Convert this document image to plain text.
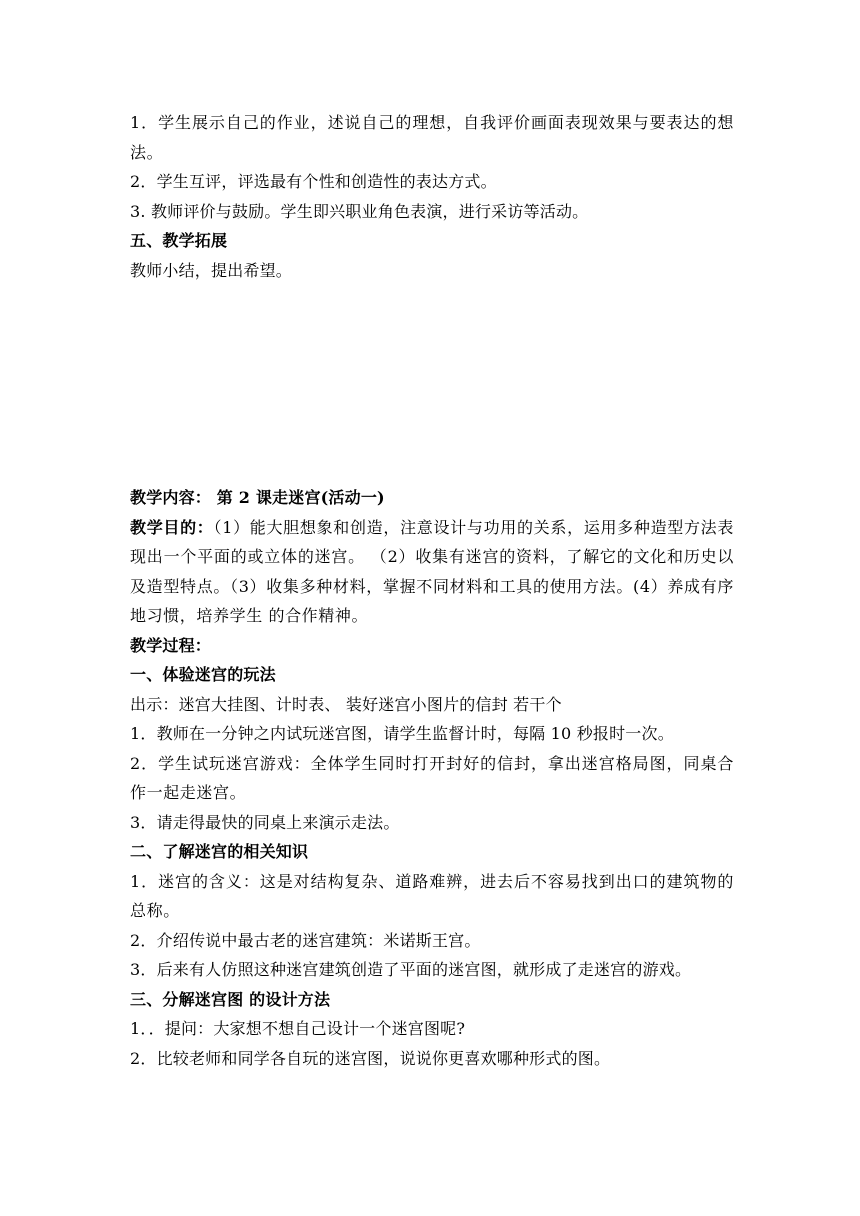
1．学生展示自己的作业，述说自己的理想，自我评价画面表现效果与要表达的想法。

2．学生互评，评选最有个性和创造性的表达方式。

3. 教师评价与鼓励。学生即兴职业角色表演，进行采访等活动。

五、教学拓展

教师小结，提出希望。

教学内容： 第 2 课走迷宫(活动一)

教学目的：（1）能大胆想象和创造，注意设计与功用的关系，运用多种造型方法表现出一个平面的或立体的迷宫。 （2）收集有迷宫的资料，了解它的文化和历史以及造型特点。（3）收集多种材料，掌握不同材料和工具的使用方法。(4）养成有序地习惯，培养学生 的合作精神。

教学过程：

一、体验迷宫的玩法

出示：迷宫大挂图、计时表、 装好迷宫小图片的信封 若干个

1．教师在一分钟之内试玩迷宫图，请学生监督计时，每隔 10 秒报时一次。

2．学生试玩迷宫游戏：全体学生同时打开封好的信封，拿出迷宫格局图，同桌合作一起走迷宫。

3．请走得最快的同桌上来演示走法。

二、了解迷宫的相关知识

1．迷宫的含义：这是对结构复杂、道路难辨，进去后不容易找到出口的建筑物的总称。

2．介绍传说中最古老的迷宫建筑：米诺斯王宫。

3．后来有人仿照这种迷宫建筑创造了平面的迷宫图，就形成了走迷宫的游戏。

三、分解迷宫图 的设计方法

1．．提问：大家想不想自己设计一个迷宫图呢?

2．比较老师和同学各自玩的迷宫图，说说你更喜欢哪种形式的图。
